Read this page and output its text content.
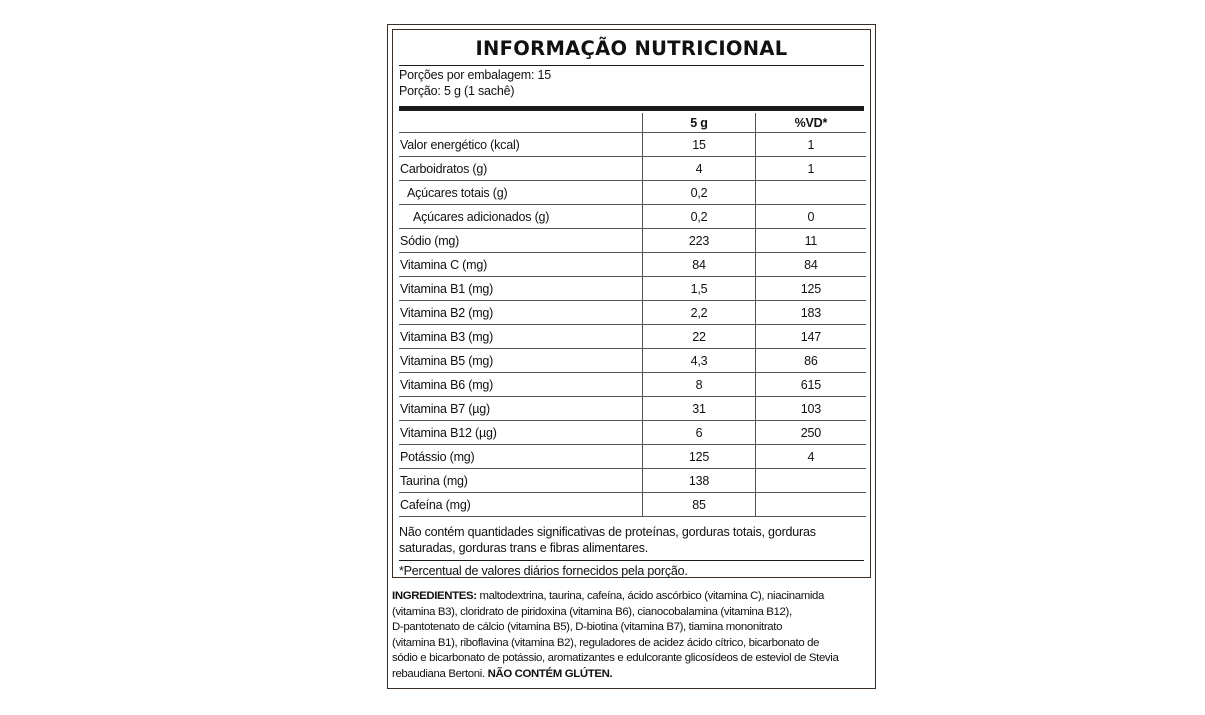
INFORMAÇÃO NUTRICIONAL
Porções por embalagem: 15
Porção: 5 g (1 sachê)
	5 g	%VD*
Valor energético (kcal)	15	1
Carboidratos (g)	4	1
Açúcares totais (g)	0,2	
Açúcares adicionados (g)	0,2	0
Sódio (mg)	223	11
Vitamina C (mg)	84	84
Vitamina B1 (mg)	1,5	125
Vitamina B2 (mg)	2,2	183
Vitamina B3 (mg)	22	147
Vitamina B5 (mg)	4,3	86
Vitamina B6 (mg)	8	615
Vitamina B7 (µg)	31	103
Vitamina B12 (µg)	6	250
Potássio (mg)	125	4
Taurina (mg)	138	
Cafeína (mg)	85	
Não contém quantidades significativas de proteínas, gorduras totais, gorduras
saturadas, gorduras trans e fibras alimentares.
*Percentual de valores diários fornecidos pela porção.
INGREDIENTES: maltodextrina, taurina, cafeína, ácido ascórbico (vitamina C), niacinamida
(vitamina B3), cloridrato de piridoxina (vitamina B6), cianocobalamina (vitamina B12),
D-pantotenato de cálcio (vitamina B5), D-biotina (vitamina B7), tiamina mononitrato
(vitamina B1), riboflavina (vitamina B2), reguladores de acidez ácido cítrico, bicarbonato de
sódio e bicarbonato de potássio, aromatizantes e edulcorante glicosídeos de esteviol de Stevia
rebaudiana Bertoni. NÃO CONTÉM GLÚTEN.
